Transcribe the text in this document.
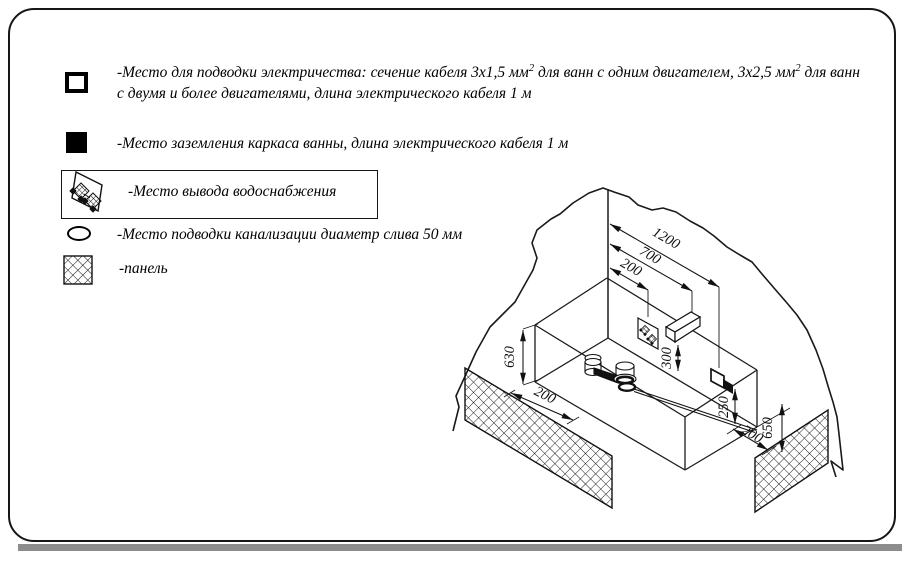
-Место для подводки электричества: сечение кабеля 3х1,5 $мм^2$ для ванн с одним двигателем, 3х2,5 $мм^2$ для ванн с двумя и более двигателями, длина электрического кабеля 1 м
-Место заземления каркаса ванны, длина электрического кабеля 1 м
-Место вывода водоснабжения
-Место подводки канализации диаметр слива 50 мм
-панель
1200
700
200
630
200
300
250
650
200
